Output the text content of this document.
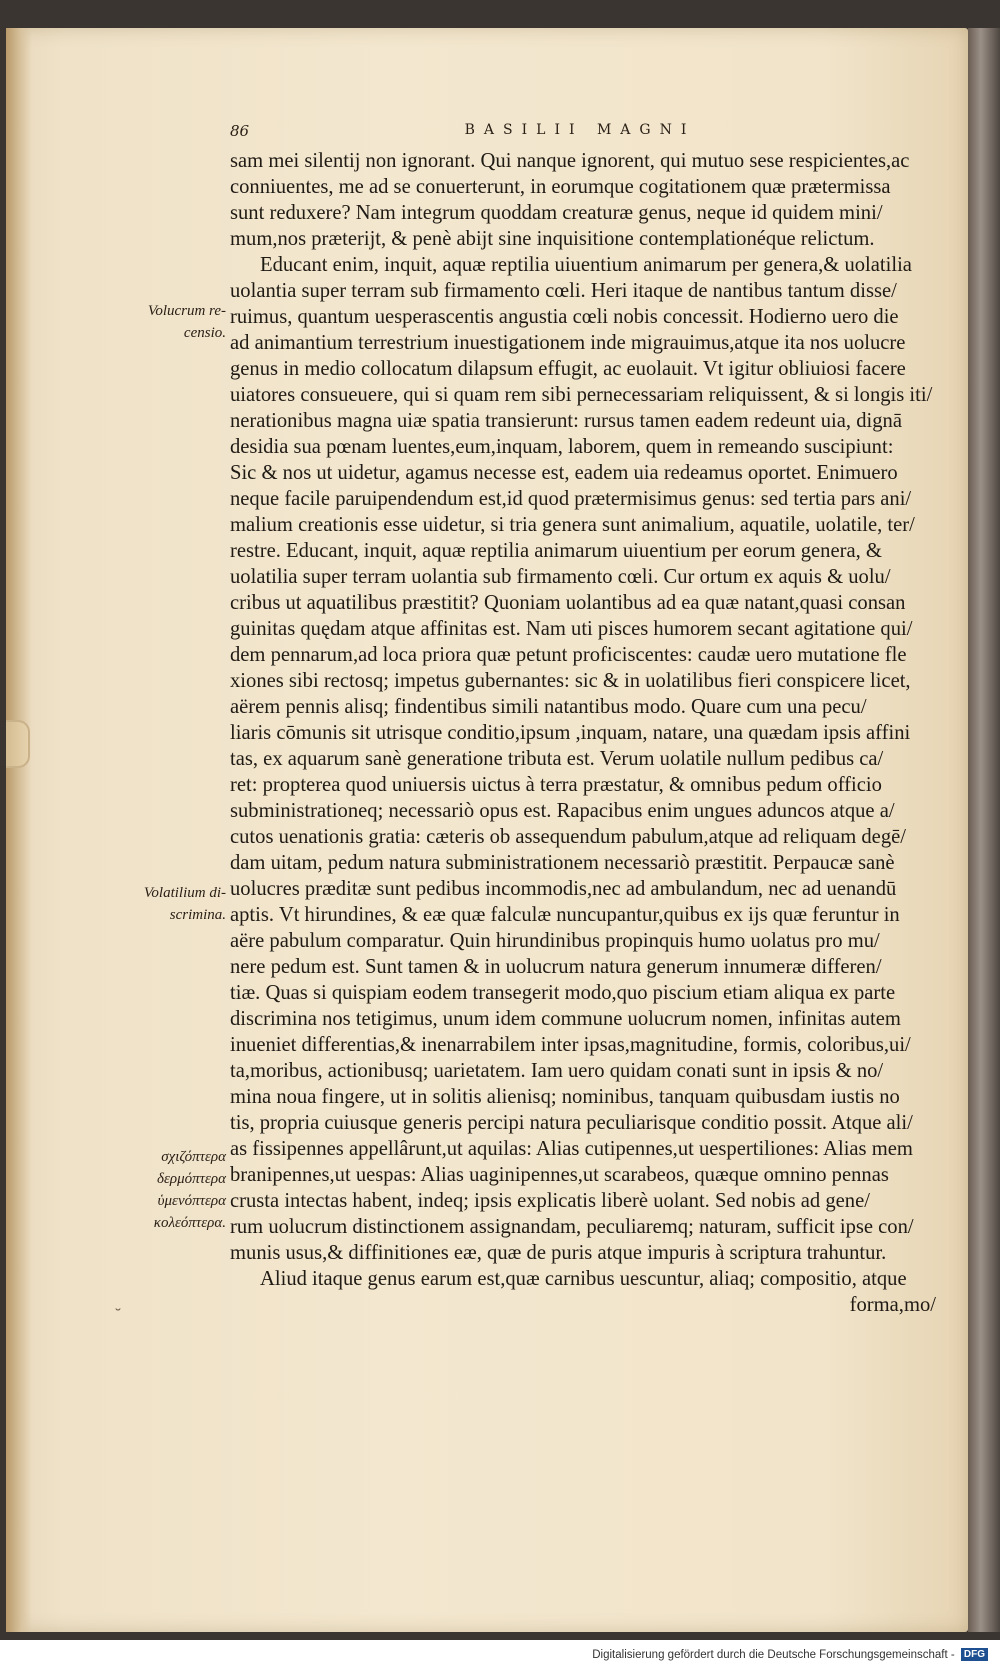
86	BASILII MAGNI
Volucrum re-
censio.
Volatilium di-
scrimina.
σχιζόπτερα
δερμόπτερα
ὑμενόπτερα
κολεόπτερα.
˘
sam mei silentij non ignorant. Qui nanque ignorent, qui mutuo sese respicientes,ac
conniuentes, me ad se conuerterunt, in eorumque cogitationem quæ prætermissa
sunt reduxere? Nam integrum quoddam creaturæ genus, neque id quidem mini/
mum,nos præterijt, & penè abijt sine inquisitione contemplationéque relictum.
Educant enim, inquit, aquæ reptilia uiuentium animarum per genera,& uolatilia
uolantia super terram sub firmamento cœli. Heri itaque de nantibus tantum disse/
ruimus, quantum uesperascentis angustia cœli nobis concessit. Hodierno uero die
ad animantium terrestrium inuestigationem inde migrauimus,atque ita nos uolucre
genus in medio collocatum dilapsum effugit, ac euolauit. Vt igitur obliuiosi facere
uiatores consueuere, qui si quam rem sibi pernecessariam reliquissent, & si longis iti/
nerationibus magna uiæ spatia transierunt: rursus tamen eadem redeunt uia, dignā
desidia sua pœnam luentes,eum,inquam, laborem, quem in remeando suscipiunt:
Sic & nos ut uidetur, agamus necesse est, eadem uia redeamus oportet. Enimuero
neque facile paruipendendum est,id quod prætermisimus genus: sed tertia pars ani/
malium creationis esse uidetur, si tria genera sunt animalium, aquatile, uolatile, ter/
restre. Educant, inquit, aquæ reptilia animarum uiuentium per eorum genera, &
uolatilia super terram uolantia sub firmamento cœli. Cur ortum ex aquis & uolu/
cribus ut aquatilibus præstitit? Quoniam uolantibus ad ea quæ natant,quasi consan
guinitas quędam atque affinitas est. Nam uti pisces humorem secant agitatione qui/
dem pennarum,ad loca priora quæ petunt proficiscentes: caudæ uero mutatione fle
xiones sibi rectosq; impetus gubernantes: sic & in uolatilibus fieri conspicere licet,
aërem pennis alisq; findentibus simili natantibus modo. Quare cum una pecu/
liaris cōmunis sit utrisque conditio,ipsum ,inquam, natare, una quædam ipsis affini
tas, ex aquarum sanè generatione tributa est. Verum uolatile nullum pedibus ca/
ret: propterea quod uniuersis uictus à terra præstatur, & omnibus pedum officio
subministrationeq; necessariò opus est. Rapacibus enim ungues aduncos atque a/
cutos uenationis gratia: cæteris ob assequendum pabulum,atque ad reliquam degē/
dam uitam, pedum natura subministrationem necessariò præstitit. Perpaucæ sanè
uolucres præditæ sunt pedibus incommodis,nec ad ambulandum, nec ad uenandū
aptis. Vt hirundines, & eæ quæ falculæ nuncupantur,quibus ex ijs quæ feruntur in
aëre pabulum comparatur. Quin hirundinibus propinquis humo uolatus pro mu/
nere pedum est. Sunt tamen & in uolucrum natura generum innumeræ differen/
tiæ. Quas si quispiam eodem transegerit modo,quo piscium etiam aliqua ex parte
discrimina nos tetigimus, unum idem commune uolucrum nomen, infinitas autem
inueniet differentias,& inenarrabilem inter ipsas,magnitudine, formis, coloribus,ui/
ta,moribus, actionibusq; uarietatem. Iam uero quidam conati sunt in ipsis & no/
mina noua fingere, ut in solitis alienisq; nominibus, tanquam quibusdam iustis no
tis, propria cuiusque generis percipi natura peculiarisque conditio possit. Atque ali/
as fissipennes appellârunt,ut aquilas: Alias cutipennes,ut uespertiliones: Alias mem
branipennes,ut uespas: Alias uaginipennes,ut scarabeos, quæque omnino pennas
crusta intectas habent, indeq; ipsis explicatis liberè uolant. Sed nobis ad gene/
rum uolucrum distinctionem assignandam, peculiaremq; naturam, sufficit ipse con/
munis usus,& diffinitiones eæ, quæ de puris atque impuris à scriptura trahuntur.
Aliud itaque genus earum est,quæ carnibus uescuntur, aliaq; compositio, atque
forma,mo/
Digitalisierung gefördert durch die Deutsche Forschungsgemeinschaft - DFG
